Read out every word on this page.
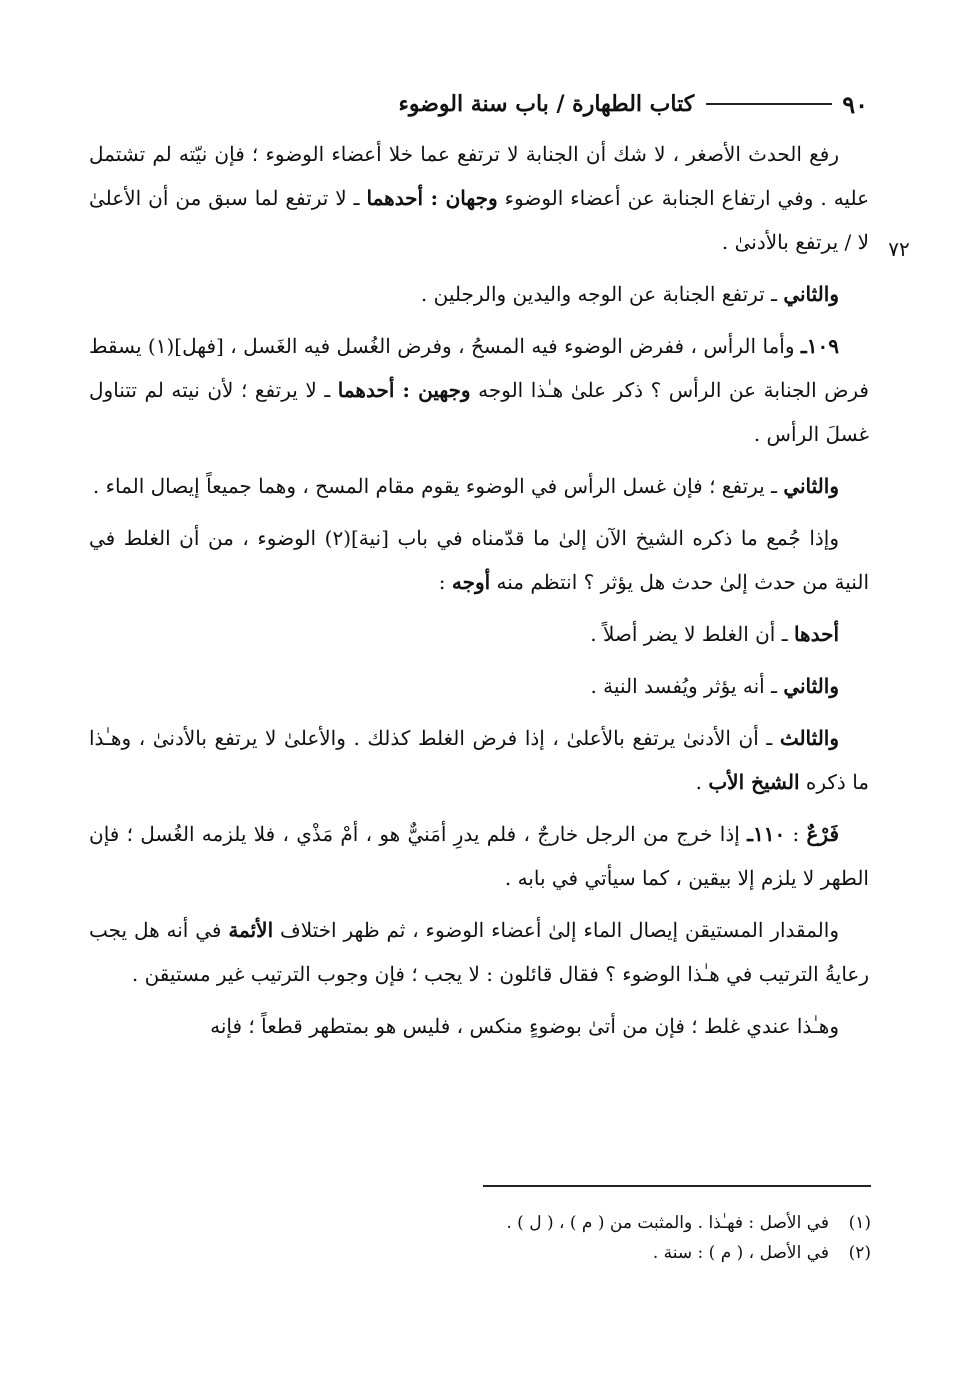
٩٠
كتاب الطهارة / باب سنة الوضوء
٧٢

رفع الحدث الأصغر ، لا شك أن الجنابة لا ترتفع عما خلا أعضاء الوضوء ؛ فإن نيّته لم تشتمل عليه . وفي ارتفاع الجنابة عن أعضاء الوضوء وجهان : أحدهما ـ لا ترتفع لما سبق من أن الأعلىٰ لا / يرتفع بالأدنىٰ .

والثاني ـ ترتفع الجنابة عن الوجه واليدين والرجلين .

١٠٩ـ وأما الرأس ، ففرض الوضوء فيه المسحُ ، وفرض الغُسل فيه الغَسل ، [فهل](١) يسقط فرض الجنابة عن الرأس ؟ ذكر علىٰ هـٰذا الوجه وجهين : أحدهما ـ لا يرتفع ؛ لأن نيته لم تتناول غسلَ الرأس .

والثاني ـ يرتفع ؛ فإن غسل الرأس في الوضوء يقوم مقام المسح ، وهما جميعاً إيصال الماء .

وإذا جُمع ما ذكره الشيخ الآن إلىٰ ما قدّمناه في باب [نية](٢) الوضوء ، من أن الغلط في النية من حدث إلىٰ حدث هل يؤثر ؟ انتظم منه أوجه :

أحدها ـ أن الغلط لا يضر أصلاً .

والثاني ـ أنه يؤثر ويُفسد النية .

والثالث ـ أن الأدنىٰ يرتفع بالأعلىٰ ، إذا فرض الغلط كذلك . والأعلىٰ لا يرتفع بالأدنىٰ ، وهـٰذا ما ذكره الشيخ الأب .

فَرْعٌ : ١١٠ـ إذا خرج من الرجل خارجٌ ، فلم يدرِ أمَنيٌّ هو ، أمْ مَذْي ، فلا يلزمه الغُسل ؛ فإن الطهر لا يلزم إلا بيقين ، كما سيأتي في بابه .

والمقدار المستيقن إيصال الماء إلىٰ أعضاء الوضوء ، ثم ظهر اختلاف الأئمة في أنه هل يجب رعايةُ الترتيب في هـٰذا الوضوء ؟ فقال قائلون : لا يجب ؛ فإن وجوب الترتيب غير مستيقن .

وهـٰذا عندي غلط ؛ فإن من أتىٰ بوضوءٍ منكس ، فليس هو بمتطهر قطعاً ؛ فإنه

(١)
في الأصل : فهـٰذا . والمثبت من ( م ) ، ( ل ) .
(٢)
في الأصل ، ( م ) : سنة .
